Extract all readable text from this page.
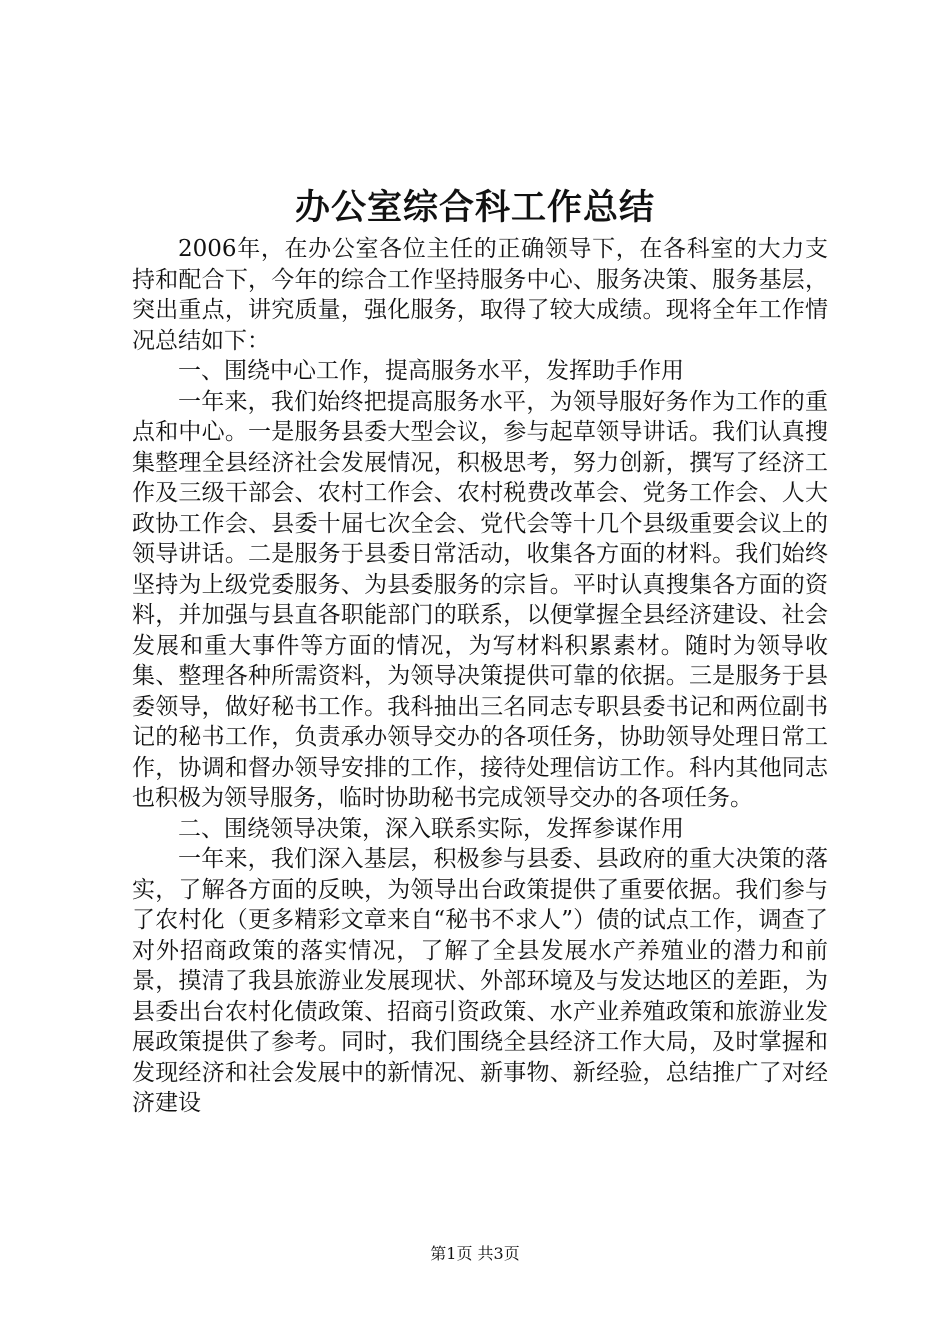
办公室综合科工作总结

2006年，在办公室各位主任的正确领导下，在各科室的大力支持和配合下，今年的综合工作坚持服务中心、服务决策、服务基层，突出重点，讲究质量，强化服务，取得了较大成绩。现将全年工作情况总结如下：

一、围绕中心工作，提高服务水平，发挥助手作用

一年来，我们始终把提高服务水平，为领导服好务作为工作的重点和中心。一是服务县委大型会议，参与起草领导讲话。我们认真搜集整理全县经济社会发展情况，积极思考，努力创新，撰写了经济工作及三级干部会、农村工作会、农村税费改革会、党务工作会、人大政协工作会、县委十届七次全会、党代会等十几个县级重要会议上的领导讲话。二是服务于县委日常活动，收集各方面的材料。我们始终坚持为上级党委服务、为县委服务的宗旨。平时认真搜集各方面的资料，并加强与县直各职能部门的联系，以便掌握全县经济建设、社会发展和重大事件等方面的情况，为写材料积累素材。随时为领导收集、整理各种所需资料，为领导决策提供可靠的依据。三是服务于县委领导，做好秘书工作。我科抽出三名同志专职县委书记和两位副书记的秘书工作，负责承办领导交办的各项任务，协助领导处理日常工作，协调和督办领导安排的工作，接待处理信访工作。科内其他同志也积极为领导服务，临时协助秘书完成领导交办的各项任务。

二、围绕领导决策，深入联系实际，发挥参谋作用

一年来，我们深入基层，积极参与县委、县政府的重大决策的落实，了解各方面的反映，为领导出台政策提供了重要依据。我们参与了农村化（更多精彩文章来自“秘书不求人”）债的试点工作，调查了对外招商政策的落实情况，了解了全县发展水产养殖业的潜力和前景，摸清了我县旅游业发展现状、外部环境及与发达地区的差距，为县委出台农村化债政策、招商引资政策、水产业养殖政策和旅游业发展政策提供了参考。同时，我们围绕全县经济工作大局，及时掌握和发现经济和社会发展中的新情况、新事物、新经验，总结推广了对经济建设

第1页 共3页
